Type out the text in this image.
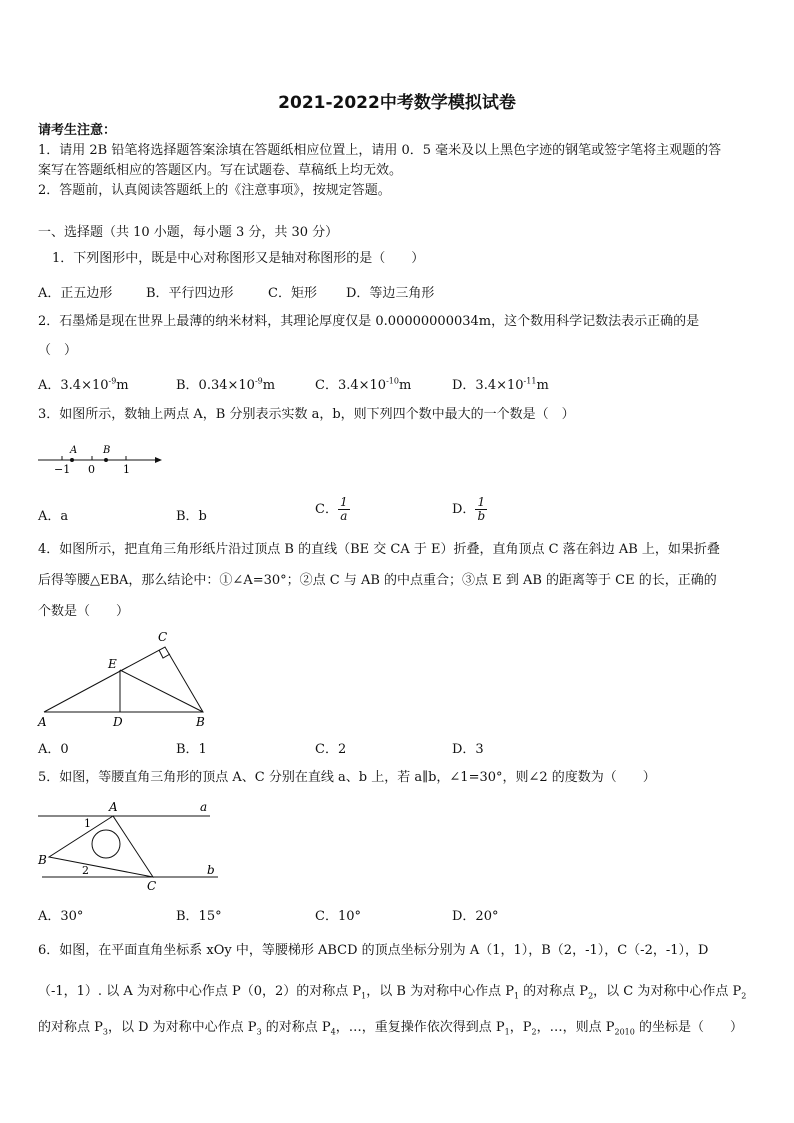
2021-2022中考数学模拟试卷
请考生注意：
1．请用 2B 铅笔将选择题答案涂填在答题纸相应位置上，请用 0．5 毫米及以上黑色字迹的钢笔或签字笔将主观题的答
案写在答题纸相应的答题区内。写在试题卷、草稿纸上均无效。
2．答题前，认真阅读答题纸上的《注意事项》，按规定答题。
一、选择题（共 10 小题，每小题 3 分，共 30 分）
1．下列图形中，既是中心对称图形又是轴对称图形的是（　　）
A．正五边形	B．平行四边形	C．矩形 D．等边三角形
2．石墨烯是现在世界上最薄的纳米材料，其理论厚度仅是 0.00000000034m，这个数用科学记数法表示正确的是
（　）
A．$3.4\times 10^{-9}m$	B．$0.34\times 10^{-9}m$	C．$3.4\times 10^{-10}m$	D．$3.4\times 10^{-11}m$
3．如图所示，数轴上两点 A，B 分别表示实数 a，b，则下列四个数中最大的一个数是（　）
A	B
−1 0	1
A．a	B．b	C． $\frac{1}{a}$	D． $\frac{1}{b}$
4．如图所示，把直角三角形纸片沿过顶点 B 的直线（BE 交 CA 于 E）折叠，直角顶点 C 落在斜边 AB 上，如果折叠
后得等腰△EBA，那么结论中：①∠A=30°；②点 C 与 AB 的中点重合；③点 E 到 AB 的距离等于 CE 的长，正确的
个数是（　　）
C
E
A	D	B
A．0	B．1	C．2	D．3
5．如图，等腰直角三角形的顶点 A、C 分别在直线 a、b 上，若 a∥b，∠1=30°，则∠2 的度数为（　　）
A	a
1
B
2
C
b
A．30°	B．15°	C．10°	D．20°
6．如图，在平面直角坐标系 xOy 中，等腰梯形 ABCD 的顶点坐标分别为 A（1，1），B（2，-1），C（-2，-1），D
（-1，1）. 以 A 为对称中心作点 P（0，2）的对称点 $P_1$，以 B 为对称中心作点 $P_1$ 的对称点 $P_2$，以 C 为对称中心作点 $P_2$
的对称点 $P_3$，以 D 为对称中心作点 $P_3$ 的对称点 $P_4$，…，重复操作依次得到点 $P_1$，$P_2$，…，则点 $P_{2010}$ 的坐标是（　　）
